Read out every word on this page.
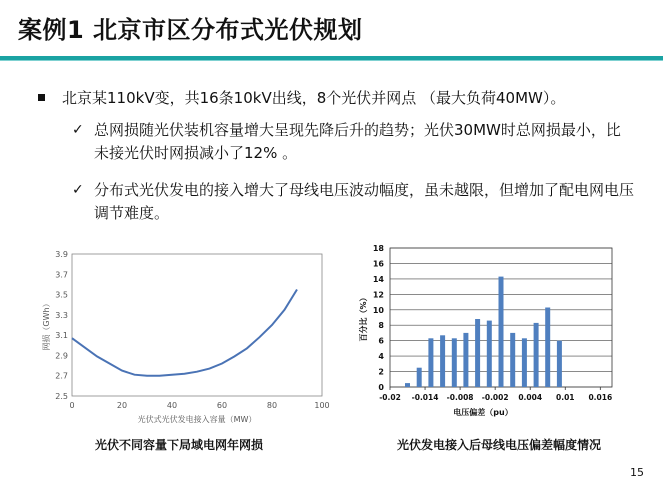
案例1 北京市区分布式光伏规划
北京某110kV变，共16条10kV出线，8个光伏并网点 （最大负荷40MW）。
✓ 总网损随光伏装机容量增大呈现先降后升的趋势；光伏30MW时总网损最小，比未接光伏时网损减小了12% 。
✓ 分布式光伏发电的接入增大了母线电压波动幅度，虽未越限，但增加了配电网电压调节难度。
2.5
2.7
2.9
3.1
3.3
3.5
3.7
3.9
0	20	40	60	80	100
光伏式光伏发电接入容量（MW）
网损（GWh）
0
2
4
6
8
10
12
14
16
18
-0.02 -0.014 -0.008 -0.002 0.004 0.01 0.016
电压偏差（pu）
百分比（%）
光伏不同容量下局域电网年网损	光伏发电接入后母线电压偏差幅度情况
15
